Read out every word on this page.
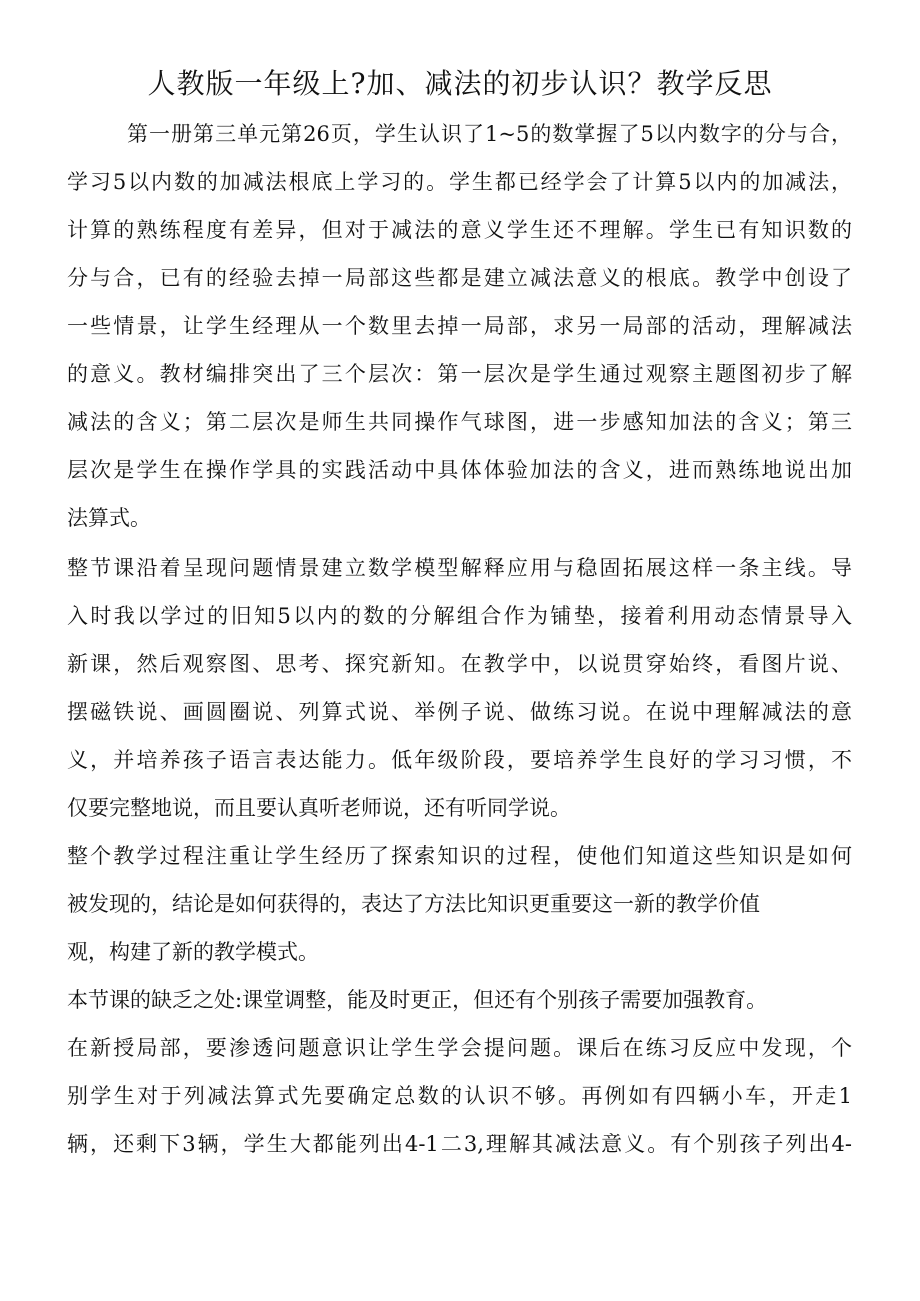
人教版一年级上?加、减法的初步认识？教学反思
第一册第三单元第26页，学生认识了1~5的数掌握了5以内数字的分与合，
学习5以内数的加减法根底上学习的。学生都已经学会了计算5以内的加减法，
计算的熟练程度有差异，但对于减法的意义学生还不理解。学生已有知识数的
分与合，已有的经验去掉一局部这些都是建立减法意义的根底。教学中创设了
一些情景，让学生经理从一个数里去掉一局部，求另一局部的活动，理解减法
的意义。教材编排突出了三个层次：第一层次是学生通过观察主题图初步了解
减法的含义；第二层次是师生共同操作气球图，进一步感知加法的含义；第三
层次是学生在操作学具的实践活动中具体体验加法的含义，进而熟练地说出加
法算式。
整节课沿着呈现问题情景建立数学模型解释应用与稳固拓展这样一条主线。导
入时我以学过的旧知5以内的数的分解组合作为铺垫，接着利用动态情景导入
新课，然后观察图、思考、探究新知。在教学中，以说贯穿始终，看图片说、
摆磁铁说、画圆圈说、列算式说、举例子说、做练习说。在说中理解减法的意
义，并培养孩子语言表达能力。低年级阶段，要培养学生良好的学习习惯，不
仅要完整地说，而且要认真听老师说，还有听同学说。
整个教学过程注重让学生经历了探索知识的过程，使他们知道这些知识是如何
被发现的，结论是如何获得的，表达了方法比知识更重要这一新的教学价值
观，构建了新的教学模式。
本节课的缺乏之处:课堂调整，能及时更正，但还有个别孩子需要加强教育。
在新授局部，要渗透问题意识让学生学会提问题。课后在练习反应中发现，个
别学生对于列减法算式先要确定总数的认识不够。再例如有四辆小车，开走1
辆，还剩下3辆，学生大都能列出4-1二3,理解其减法意义。有个别孩子列出4-
